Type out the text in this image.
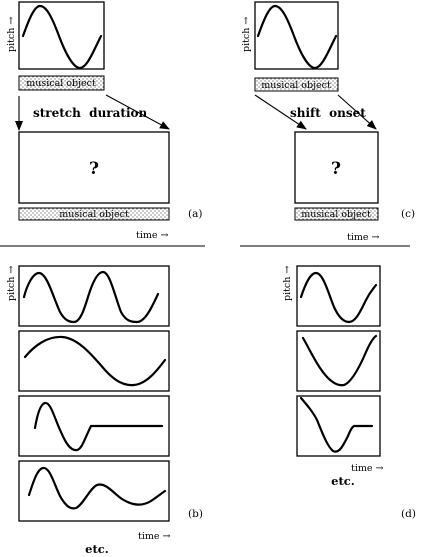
pitch →
musical object
stretch  duration
?
musical object	(a)
time →
pitch →
musical object
shift  onset
?
musical object	(c)
time →
pitch →
(b)
time →
etc.
pitch →
time →
etc.
(d)
